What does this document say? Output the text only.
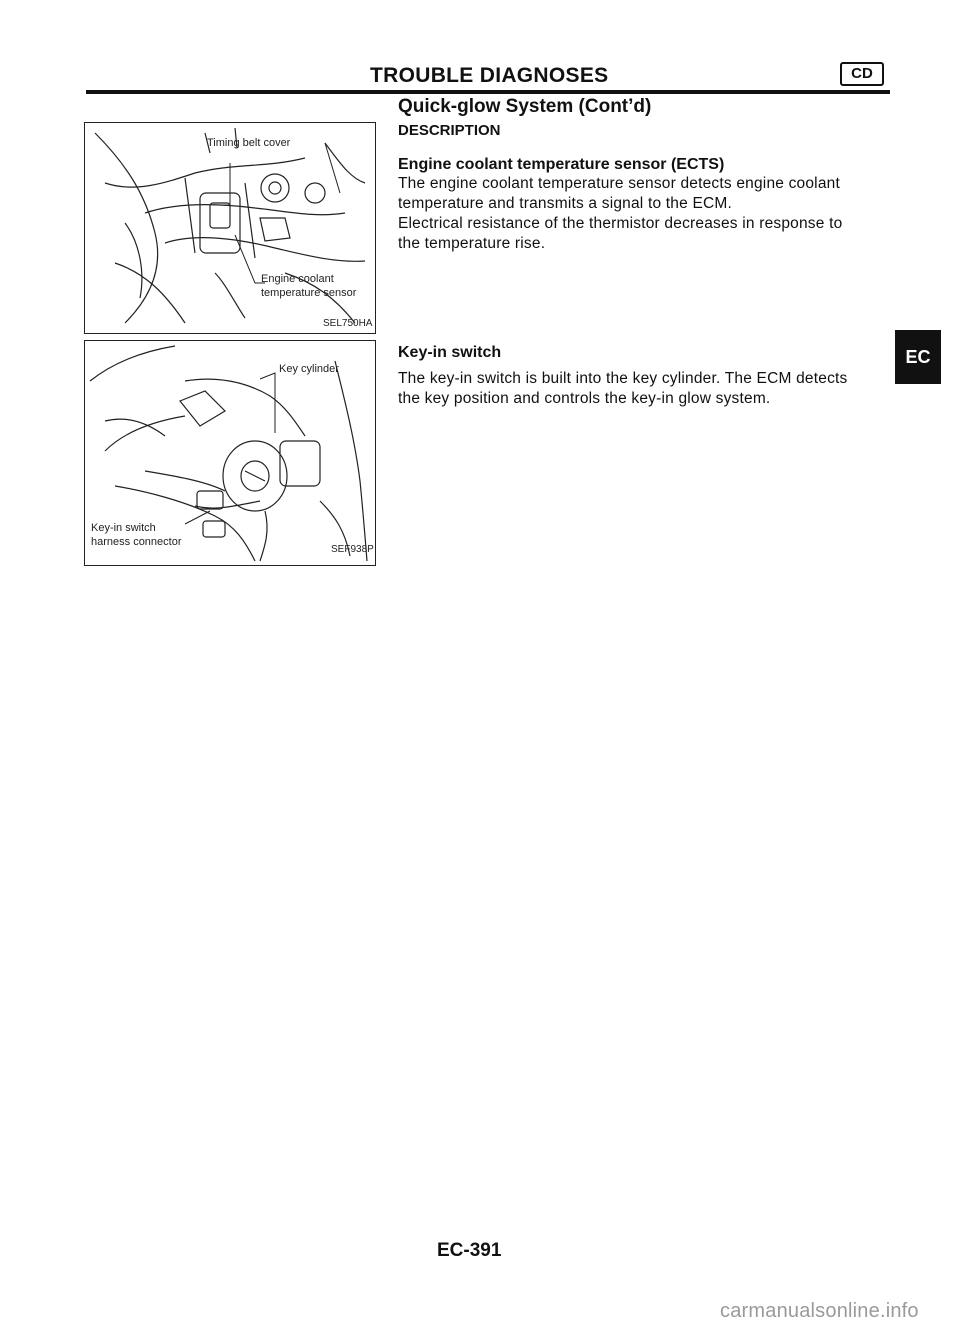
TROUBLE DIAGNOSES	CD
Quick-glow System (Cont’d)
DESCRIPTION
Engine coolant temperature sensor (ECTS)
The engine coolant temperature sensor detects engine coolant
temperature and transmits a signal to the ECM.
Electrical resistance of the thermistor decreases in response to
the temperature rise.
Key-in switch
The key-in switch is built into the key cylinder. The ECM detects
the key position and controls the key-in glow system.
Timing belt cover
Engine coolant
temperature sensor
SEL750HA
Key cylinder
Key-in switch
harness connector
SEF938P
EC
EC-391
carmanualsonline.info
